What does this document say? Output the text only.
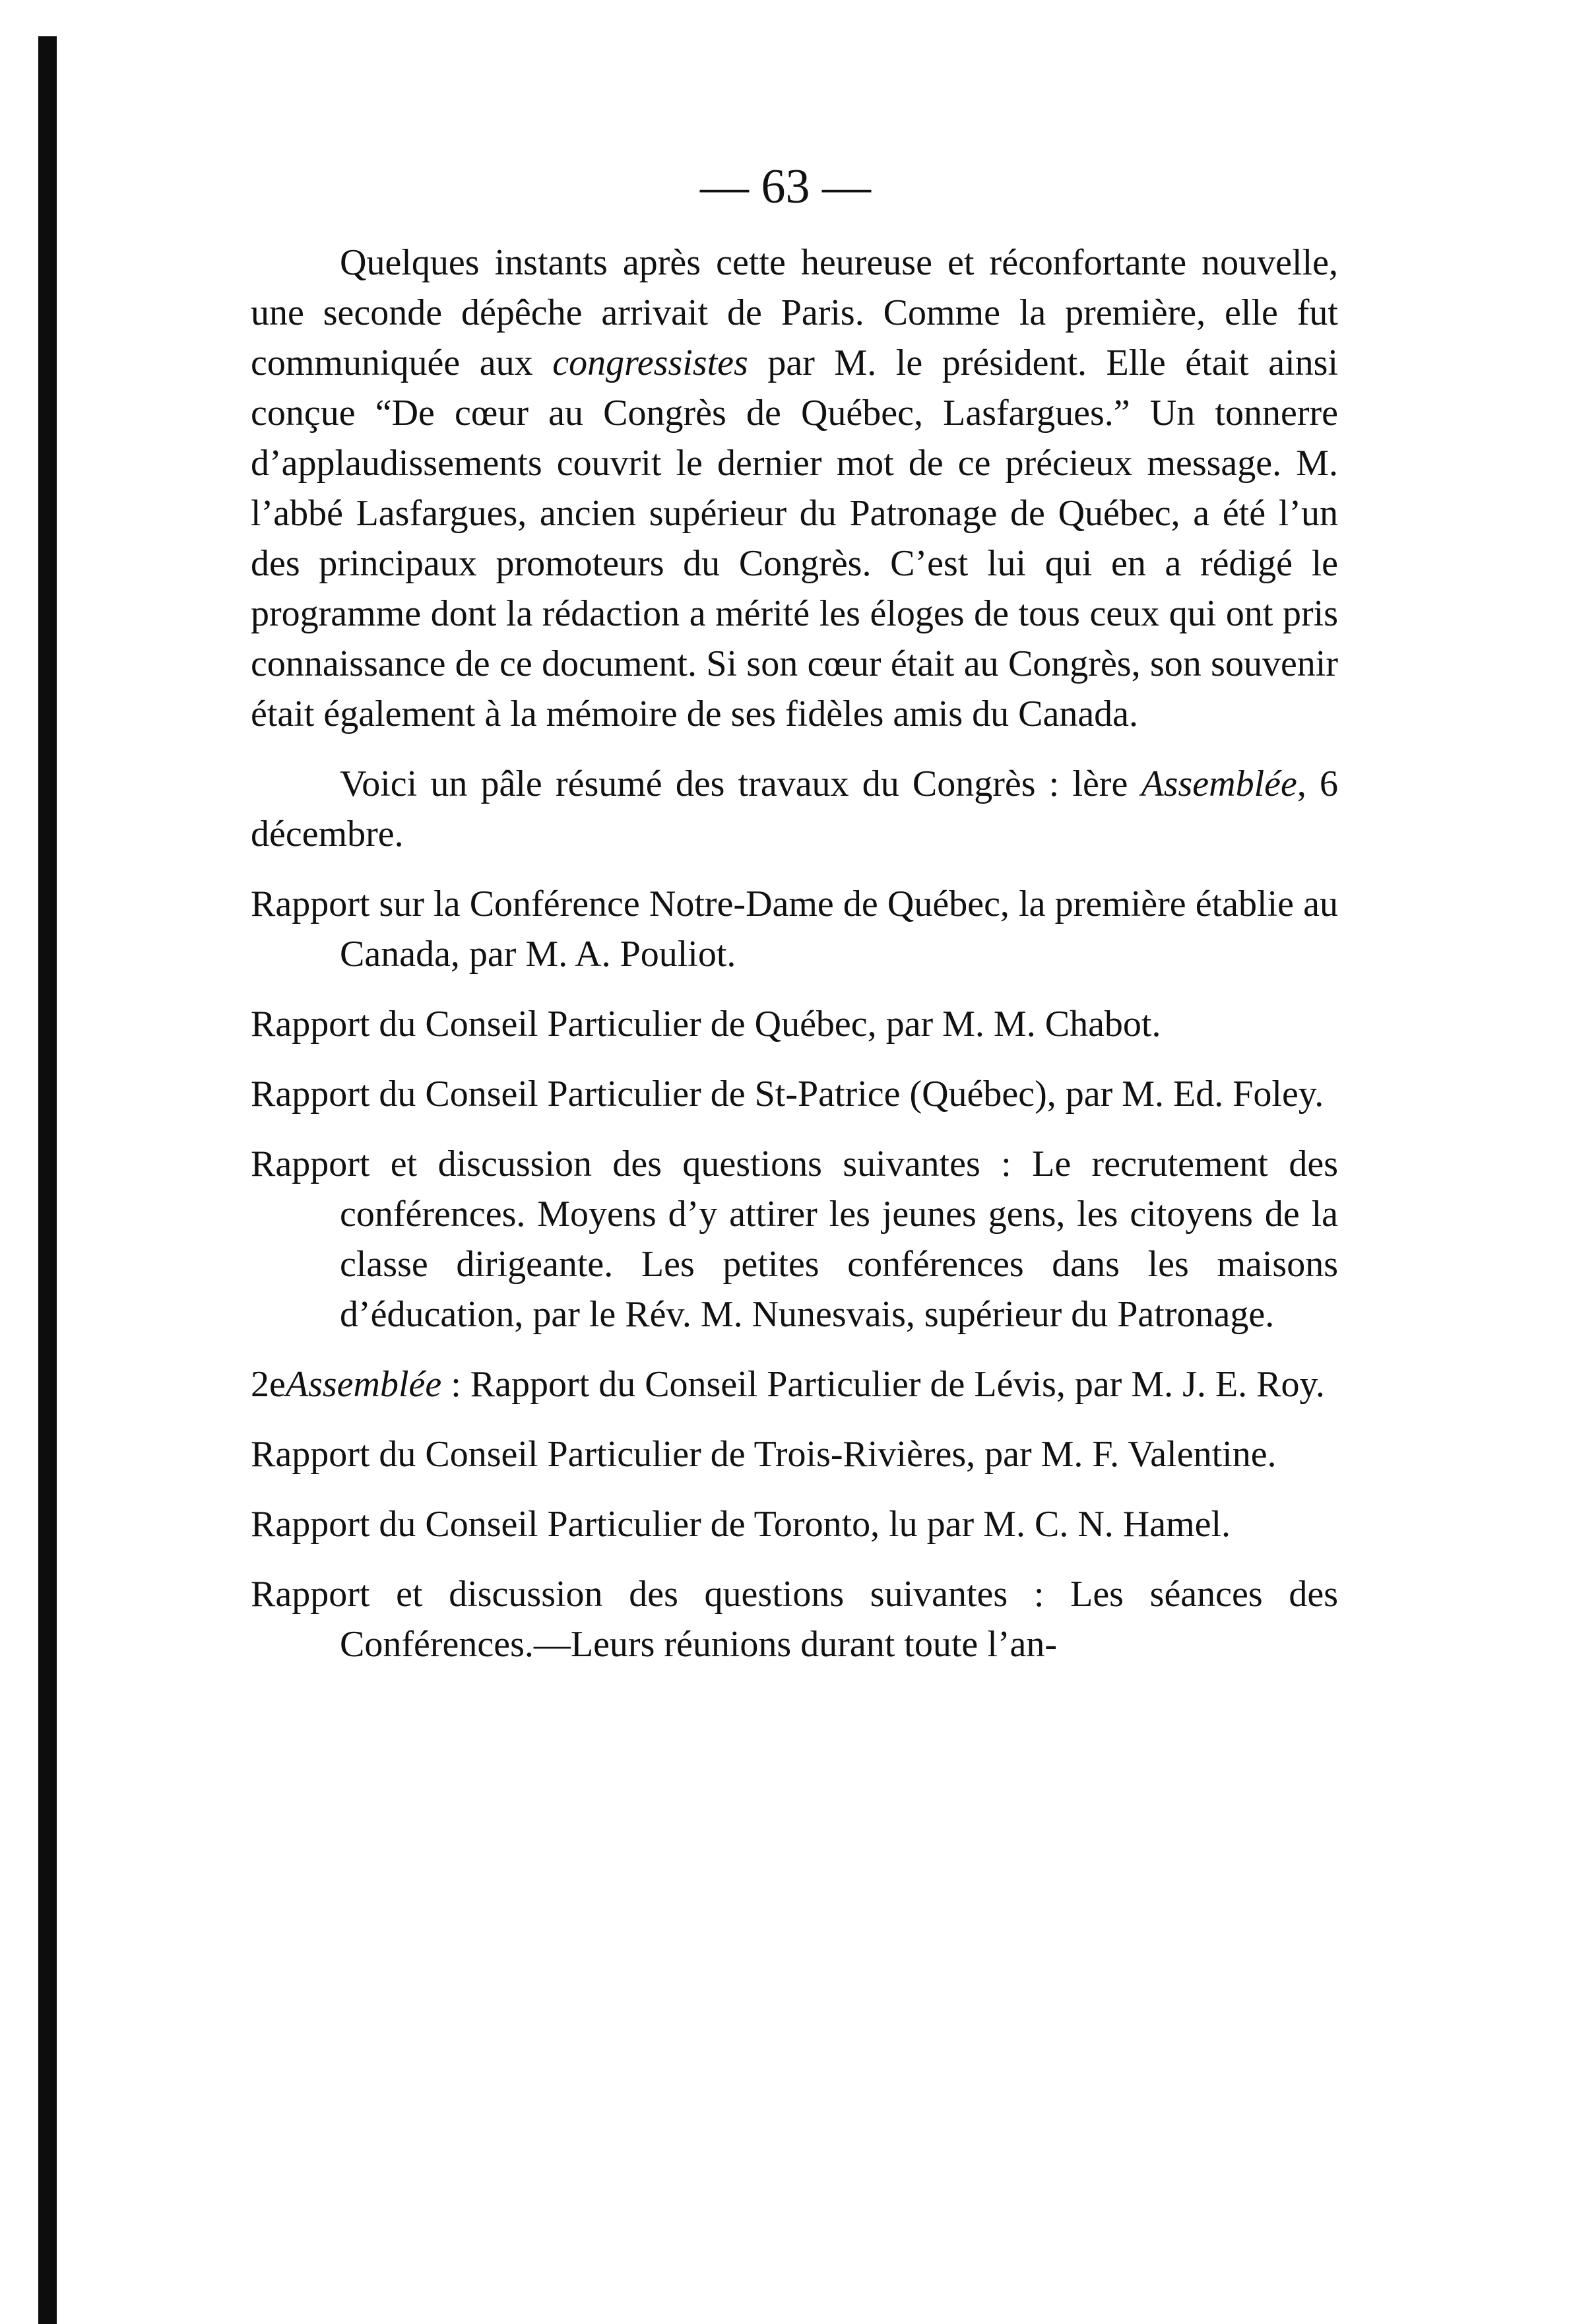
— 63 —

Quelques instants après cette heureuse et réconfortante nouvelle, une seconde dépêche arrivait de Paris. Comme la première, elle fut communiquée aux congressistes par M. le président. Elle était ainsi conçue “De cœur au Congrès de Québec, Lasfargues.” Un tonnerre d’applaudissements couvrit le dernier mot de ce précieux message. M. l’abbé Lasfargues, ancien supérieur du Patronage de Québec, a été l’un des principaux promoteurs du Congrès. C’est lui qui en a rédigé le programme dont la rédaction a mérité les éloges de tous ceux qui ont pris connaissance de ce document. Si son cœur était au Congrès, son souvenir était également à la mémoire de ses fidèles amis du Canada.

Voici un pâle résumé des travaux du Congrès : lère Assemblée, 6 décembre.

Rapport sur la Conférence Notre-Dame de Québec, la première établie au Canada, par M. A. Pouliot.

Rapport du Conseil Particulier de Québec, par M. M. Chabot.

Rapport du Conseil Particulier de St-Patrice (Québec), par M. Ed. Foley.

Rapport et discussion des questions suivantes : Le recrutement des conférences. Moyens d’y attirer les jeunes gens, les citoyens de la classe dirigeante. Les petites conférences dans les maisons d’éducation, par le Rév. M. Nunesvais, supérieur du Patronage.

2eAssemblée : Rapport du Conseil Particulier de Lévis, par M. J. E. Roy.

Rapport du Conseil Particulier de Trois-Rivières, par M. F. Valentine.

Rapport du Conseil Particulier de Toronto, lu par M. C. N. Hamel.

Rapport et discussion des questions suivantes : Les séances des Conférences.—Leurs réunions durant toute l’an-
